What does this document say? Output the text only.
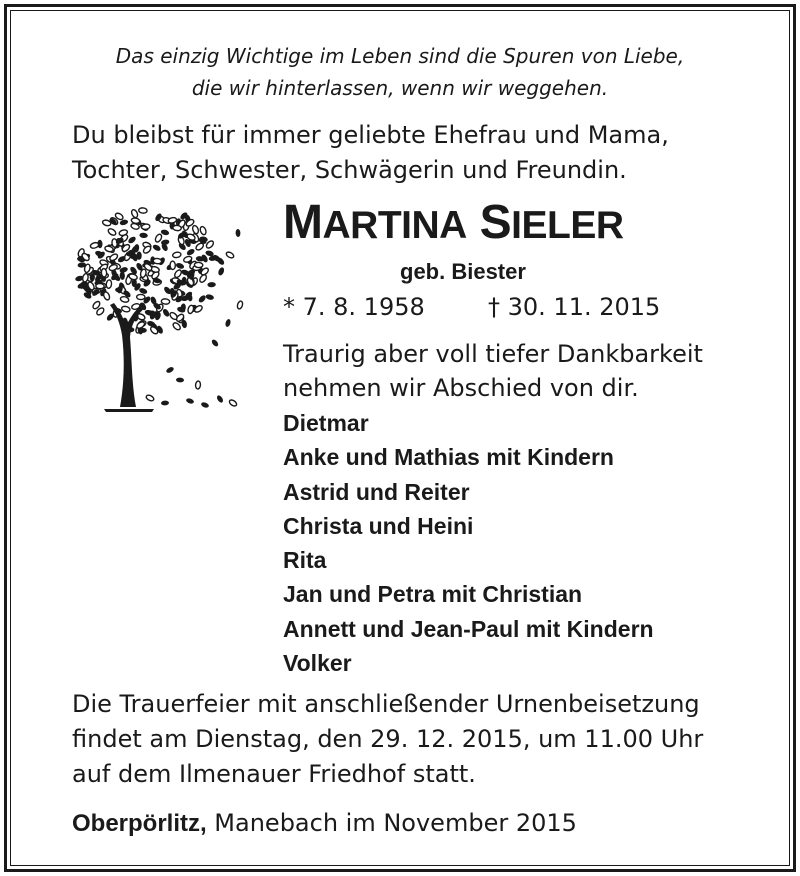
Das einzig Wichtige im Leben sind die Spuren von Liebe,
die wir hinterlassen, wenn wir weggehen.
Du bleibst für immer geliebte Ehefrau und Mama,
Tochter, Schwester, Schwägerin und Freundin.
MARTINA SIELER
geb. Biester
* 7. 8. 1958	† 30. 11. 2015
Traurig aber voll tiefer Dankbarkeit
nehmen wir Abschied von dir.
Dietmar
Anke und Mathias mit Kindern
Astrid und Reiter
Christa und Heini
Rita
Jan und Petra mit Christian
Annett und Jean-Paul mit Kindern
Volker
Die Trauerfeier mit anschließender Urnenbeisetzung
findet am Dienstag, den 29. 12. 2015, um 11.00 Uhr
auf dem Ilmenauer Friedhof statt.
Oberpörlitz, Manebach im November 2015
